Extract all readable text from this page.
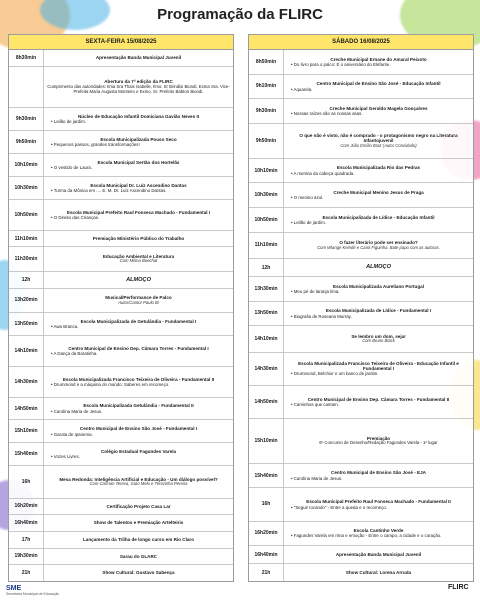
Programação da FLIRC
SEXTA-FEIRA 15/08/2025
8h30min	Apresentação Banda Municipal Juvenil
Abertura da 7ª edição da FLIRC
Cumprimento das autoridades: Ilma Sra Thais Isabelle, Ilmo. Sr Brindisi Biondi, Exma Sra. Vice-Prefeita Maria Augusta Monteiro e Exmo. Sr. Prefeito Babton Biondi.
9h30min	Núcleo de Educação Infantil Domiciana Gavião Neves II
• Leilão de jardim.
9h50min	Escola Municipalizada Pouso Seco
• Pequenos passos, grandes transformações!
10h10min	Escola Municipal Sertão dos Hortelãs
• O vestido de Laura.
10h30min	Escola Municipal Dr. Luiz Ascendino Dantas
• Turma da Mônica em .... E. M. Dr. Luiz Ascendino Dantas.
10h50min	Escola Municipal Prefeito Raul Fonseca Machado - Fundamental I
• O Direito das Crianças.
11h10min	Premiação Ministério Público do Trabalho
11h30min	Educação Ambiental e Literatura
Com Milma Boechat
12h	ALMOÇO
13h20min	Musical/Performance de Palco
Autor/Cantor Paulo Bi
13h50min	Escola Municipalizada de Getulândia - Fundamental I
• Awa Branca.
14h10min	Centro Municipal de Ensino Dep. Câmara Torres - Fundamental I
• A Dança da Baratinha.
14h30min	Escola Municipalizada Francisco Teixeira de Oliveira - Fundamental II
• Drummond e a máquina do mundo: Saberes em recomeço.
14h50min	Escola Municipalizada Getulândia - Fundamental II
• Carolina Maria de Jesus.
15h10min	Centro Municipal de Ensino São José - Fundamental I
• Garota de Ipanema.
15h40min	Colégio Estadual Fagundes Varela
• Vozes Livres.
16h	Mesa Redonda: Inteligência Artificial e Educação - Um diálogo possível?
Com Carman Teresa, Guto Melo e Terezinha Pereira
16h20min	Certificação Projeto Casa Lar
16h40min	Show de Talentos e Premiação Artelteiris
17h	Lançamento da Trilha de longo curso em Rio Claro
19h30min	Sarau do GLARC
21h	Show Cultural: Gustavo Sabença
SÁBADO 16/08/2025
8h50min	Creche Municipal Ernane do Amaral Peixoto
• Do livro para o palco: É o aniversário do Elefante.
9h10min	Centro Municipal de Ensino São José - Educação Infantil
• Aquarela.
9h30min	Creche Municipal Geraldo Magela Gonçalves
• Nossas raízes são as nossas asas.
9h50min
O que não é visto, não é comprado - o protagonismo negro na Literatura Infantojuvenil
Com Júlio Emílio Braz (Autor Convidado)
10h10min	Escola Municipalizada Rio das Pedras
• A menina da cabeça quadrada.
10h30min	Creche Municipal Menino Jesus de Praga
• O menino azul.
10h50min	Escola Municipalizada de Lídice - Educação Infantil
• Leilão de jardim.
11h10min	O fazer literário pode ser ensinado?
Com Wlange Keindé e Carol Figuinha. Bate papo com as autoras.
12h	ALMOÇO
13h30min	Escola Municipalizada Aureliano Portugal
• Meu pé de laranja lima.
13h50min	Escola Municipalizada de Lídice - Fundamental I
• Biografia de Roseana Murray.
14h10min	Se lembro um dom, seja!
Com Bruno Black
14h30min
Escola Municipalizada Francisco Teixeira de Oliveira - Educação Infantil e Fundamental I
• Drummond, Belchior e um banco de jardim.
14h50min	Centro Municipal de Ensino Dep. Câmara Torres - Fundamental II
• Caminhos que cantam.
15h10min	Premiação
6º Concurso de Desenho/Redação Fagundes Varela - 1º lugar
15h40min	Centro Municipal de Ensino São José - EJA
• Carolina Maria de Jesus.
16h	Escola Municipal Prefeito Raul Fonseca Machado - Fundamental II
• "Seguir tocando" - Entre a queda e o recomeço.
16h20min	Escola Cantinho Verde
• Fagundes Varela em rima e emoção - Entre o campo, a cidade e o coração.
16h40min	Apresentação Banda Municipal Juvenil
21h	Show Cultural: Lorena Arruda
SME
Secretaria Municipal de Educação
FLIRC
